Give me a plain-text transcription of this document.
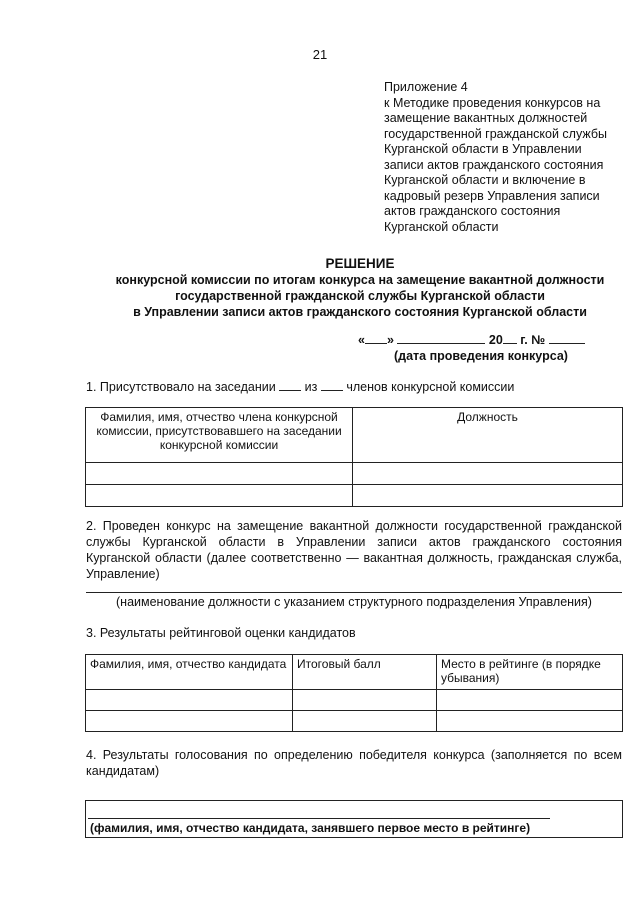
21
Приложение 4
к Методике проведения конкурсов на
замещение вакантных должностей
государственной гражданской службы
Курганской области в Управлении
записи актов гражданского состояния
Курганской области и включение в
кадровый резерв Управления записи
актов гражданского состояния
Курганской области
РЕШЕНИЕ
конкурсной комиссии по итогам конкурса на замещение вакантной должности
государственной гражданской службы Курганской области
в Управлении записи актов гражданского состояния Курганской области
« »	20 г. №
(дата проведения конкурса)
1. Присутствовало на заседании из членов конкурсной комиссии
Фамилия, имя, отчество члена конкурсной комиссии, присутствовавшего на заседании конкурсной комиссии	Должность

2. Проведен конкурс на замещение вакантной должности государственной гражданской службы Курганской области в Управлении записи актов гражданского состояния Курганской области (далее соответственно — вакантная должность, гражданская служба, Управление)
(наименование должности с указанием структурного подразделения Управления)
3. Результаты рейтинговой оценки кандидатов
Фамилия, имя, отчество кандидата	Итоговый балл	Место в рейтинге (в порядке убывания)

4. Результаты голосования по определению победителя конкурса (заполняется по всем кандидатам)
(фамилия, имя, отчество кандидата, занявшего первое место в рейтинге)
